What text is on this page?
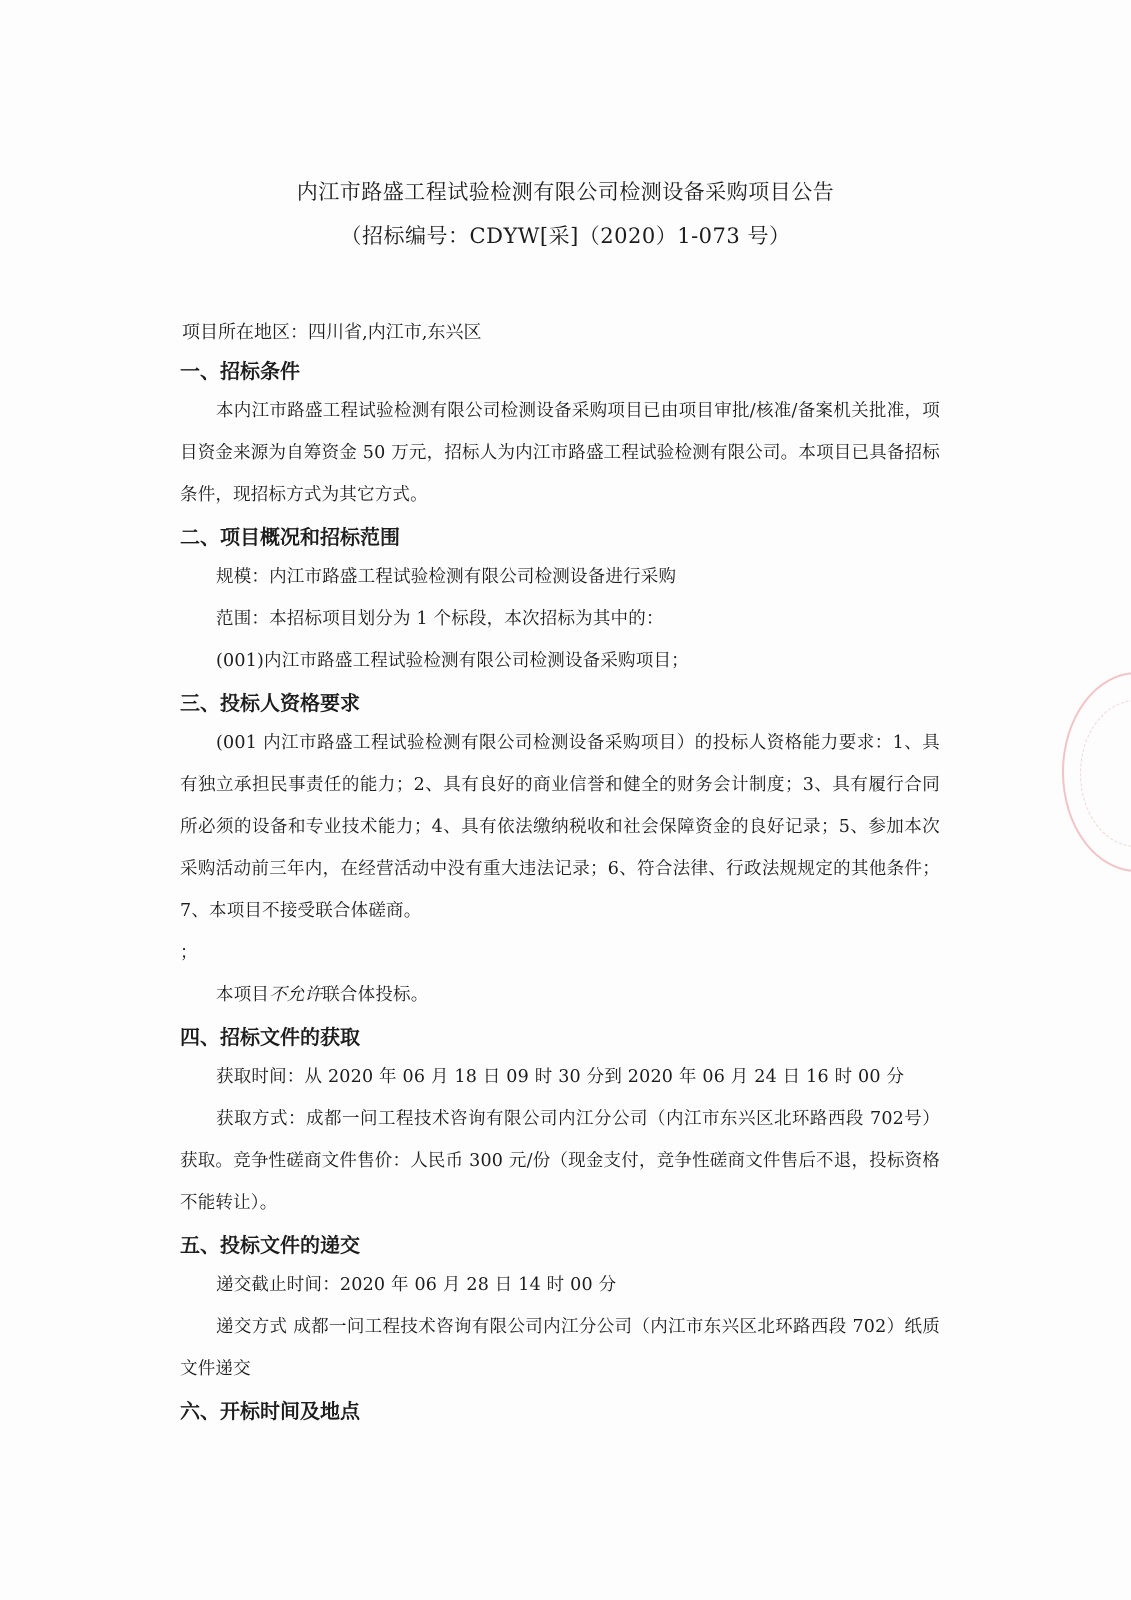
内江市路盛工程试验检测有限公司检测设备采购项目公告
（招标编号：CDYW[采]（2020）1-073 号）
项目所在地区：四川省,内江市,东兴区
一、招标条件
本内江市路盛工程试验检测有限公司检测设备采购项目已由项目审批/核准/备案机关批准，项目资金来源为自筹资金 50 万元，招标人为内江市路盛工程试验检测有限公司。本项目已具备招标条件，现招标方式为其它方式。
二、项目概况和招标范围
规模：内江市路盛工程试验检测有限公司检测设备进行采购
范围：本招标项目划分为 1 个标段，本次招标为其中的：
(001)内江市路盛工程试验检测有限公司检测设备采购项目；
三、投标人资格要求
(001 内江市路盛工程试验检测有限公司检测设备采购项目）的投标人资格能力要求：1、具有独立承担民事责任的能力；2、具有良好的商业信誉和健全的财务会计制度；3、具有履行合同所必须的设备和专业技术能力；4、具有依法缴纳税收和社会保障资金的良好记录；5、参加本次采购活动前三年内，在经营活动中没有重大违法记录；6、符合法律、行政法规规定的其他条件；7、本项目不接受联合体磋商。
；
本项目不允许联合体投标。
四、招标文件的获取
获取时间：从 2020 年 06 月 18 日 09 时 30 分到 2020 年 06 月 24 日 16 时 00 分
获取方式：成都一问工程技术咨询有限公司内江分公司（内江市东兴区北环路西段 702号）获取。竞争性磋商文件售价：人民币 300 元/份（现金支付，竞争性磋商文件售后不退，投标资格不能转让）。
五、投标文件的递交
递交截止时间：2020 年 06 月 28 日 14 时 00 分
递交方式 成都一问工程技术咨询有限公司内江分公司（内江市东兴区北环路西段 702）纸质文件递交
六、开标时间及地点
